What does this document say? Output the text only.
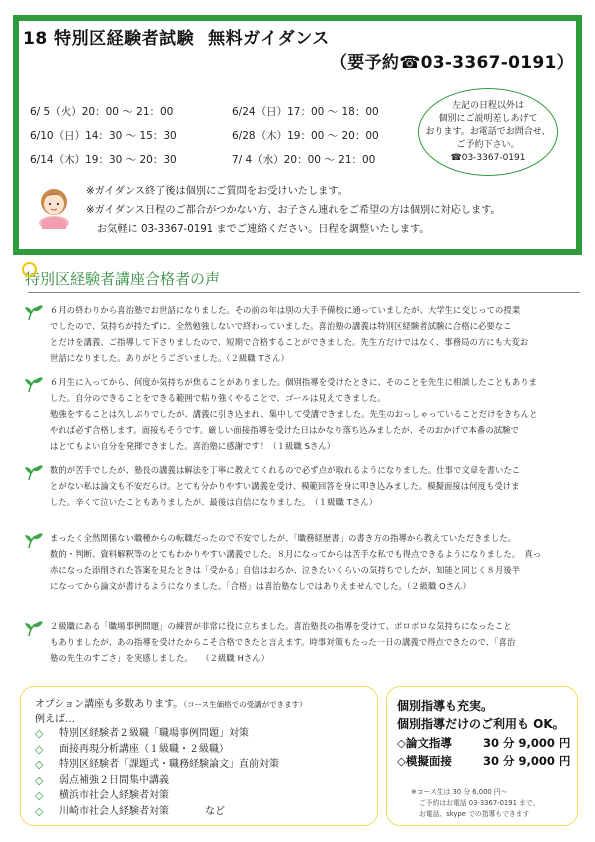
18 特別区経験者試験 無料ガイダンス
（要予約☎03-3367-0191）
6/ 5（火）20：00 ～ 21：00
6/10（日）14：30 ～ 15：30
6/14（木）19：30 ～ 20：30
6/24（日）17：00 ～ 18：00
6/28（木）19：00 ～ 20：00
7/ 4（水）20：00 ～ 21：00
左記の日程以外は
個別にご説明差しあげて
おります。お電話でお問合せ、
ご予約下さい。
☎03-3367-0191
※ガイダンス終了後は個別にご質問をお受けいたします。
※ガイダンス日程のご都合がつかない方、お子さん連れをご希望の方は個別に対応します。
お気軽に 03-3367-0191 までご連絡ください。日程を調整いたします。
特別区経験者講座合格者の声
６月の終わりから喜治塾でお世話になりました。その前の年は別の大手予備校に通っていましたが、大学生に交じっての授業
でしたので、気持ちが持たずに、全然勉強しないで終わっていました。喜治塾の講義は特別区経験者試験に合格に必要なこ
とだけを講義、ご指導して下さりましたので、短期で合格することができました。先生方だけではなく、事務局の方にも大変お
世話になりました。ありがとうございました。（２級職 Tさん）
６月生に入ってから、何度か気持ちが焦ることがありました。個別指導を受けたときに、そのことを先生に相談したこともありま
した。自分のできることをできる範囲で粘り強くやることで、ゴールは見えてきました。
勉強をすることは久しぶりでしたが、講義に引き込まれ、集中して受講できました。先生のおっしゃっていることだけをきちんと
やれば必ず合格します。面接もそうです。厳しい面接指導を受けた日はかなり落ち込みましたが、そのおかげで本番の試験で
はとてもよい自分を発揮できました。喜治塾に感謝です！（１級職 Sさん）
数的が苦手でしたが、塾長の講義は解法を丁寧に教えてくれるので必ず点が取れるようになりました。仕事で文章を書いたこ
とがない私は論文も不安だらけ。とても分かりやすい講義を受け、模範回答を身に叩き込みました。模擬面接は何度も受けま
した。辛くて泣いたこともありましたが、最後は自信になりました。　（１級職 Tさん）
まったく全然関係ない職種からの転職だったので不安でしたが、「職務経歴書」の書き方の指導から教えていただきました。
数的・判断、資料解釈等のとてもわかりやすい講義でした。８月になってからは苦手な私でも得点できるようになりました。　真っ
赤になった添削された答案を見たときは「受かる」自信はおろか、泣きたいくらいの気持ちでしたが、知能と同じく８月後半
になってから論文が書けるようになりました。「合格」は喜治塾なしではありえませんでした。（２級職 Oさん）
２級職にある「職場事例問題」の練習が非常に役に立ちました。喜治塾長の指導を受けて、ボロボロな気持ちになったこと
もありましたが、あの指導を受けたからこそ合格できたと言えます。時事対策もたった一日の講義で得点できたので、「喜治
塾の先生のすごさ」を実感しました。　　（２級職 Hさん）
オプション講座も多数あります。（コース生価格での受講ができます）
例えば…
◇	特別区経験者２級職「職場事例問題」対策
◇	面接再現分析講座（１級職・２級職）
◇	特別区経験者「課題式・職務経験論文」直前対策
◇	弱点補強２日間集中講義
◇	横浜市社会人経験者対策
◇	川崎市社会人経験者対策	など
個別指導も充実。
個別指導だけのご利用も OK。
◇論文指導	30 分 9,000 円
◇模擬面接	30 分 9,000 円
※コース生は 30 分 6,000 円～
ご予約はお電話 03-3367-0191 まで。
お電話、skype での指導もできます
